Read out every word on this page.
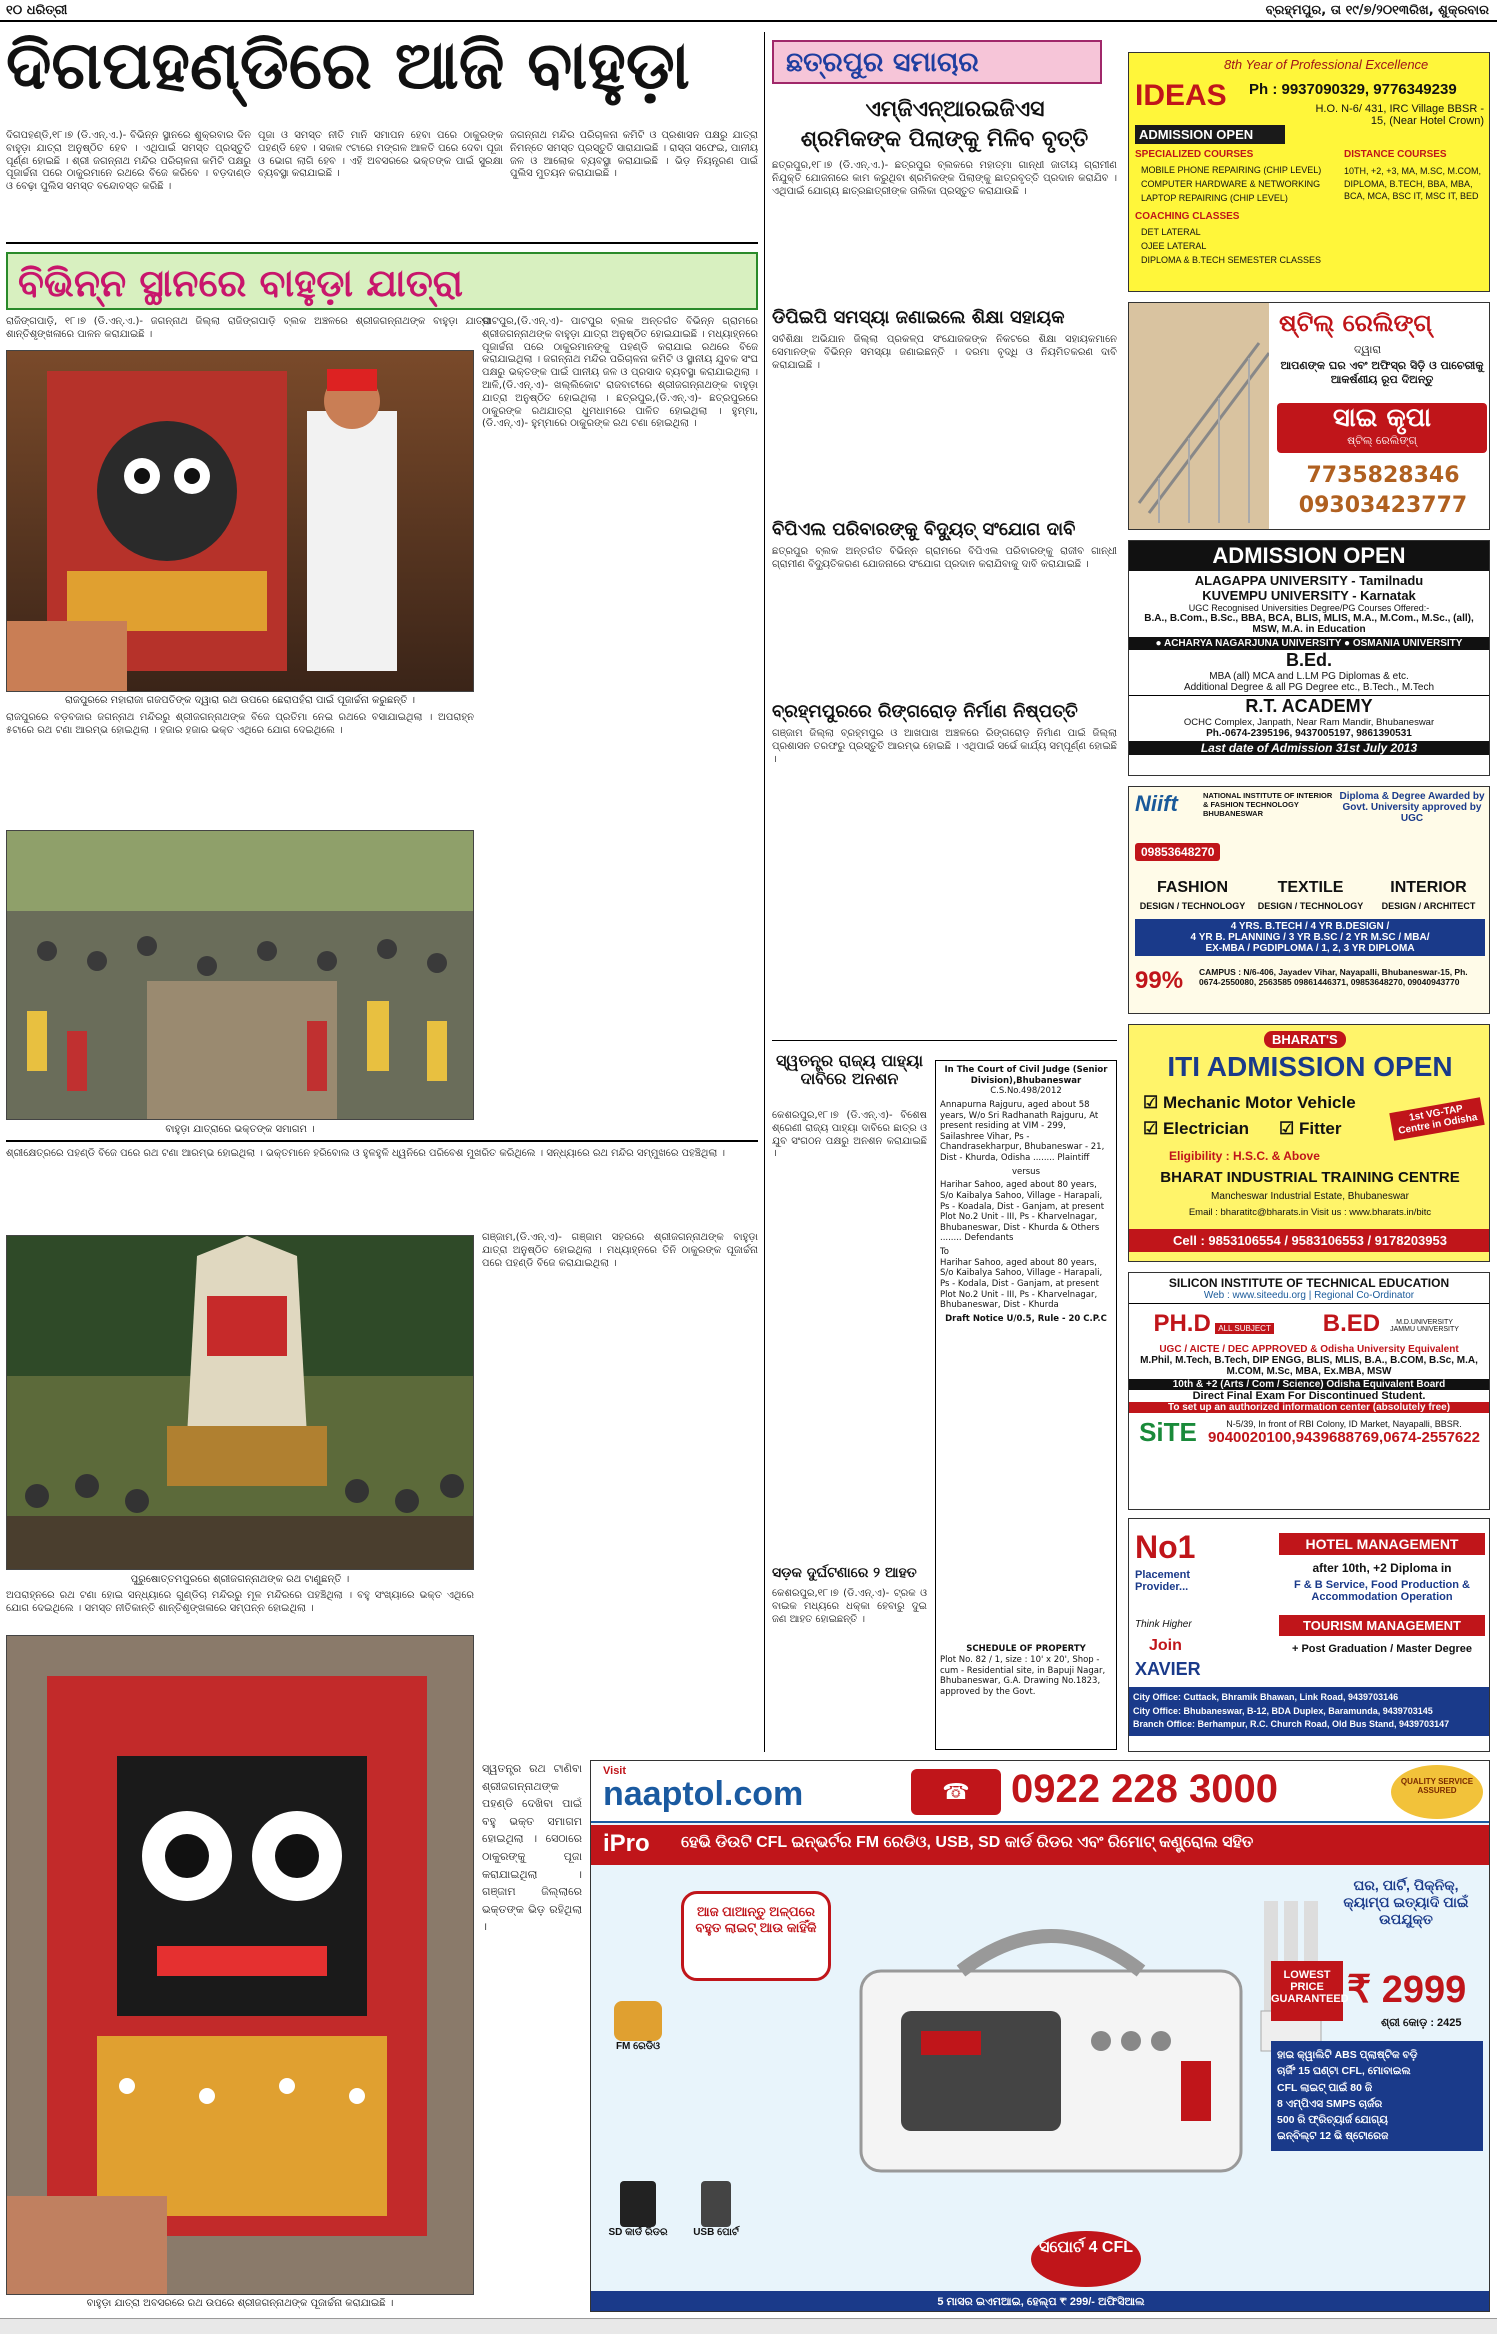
୧୦ ଧରିତ୍ରୀ	ବ୍ରହ୍ମପୁର, ତା ୧୯/୭/୨୦୧୩ରିଖ, ଶୁକ୍ରବାର
ଦିଗପହଣ୍ଡିରେ ଆଜି ବାହୁଡ଼ା
ଦିଗପହଣ୍ଡି,୧୮।୭ (ଡି.ଏନ୍.ଏ.)- ବିଭିନ୍ନ ସ୍ଥାନରେ ଶୁକ୍ରବାର ଦିନ ବାହୁଡ଼ା ଯାତ୍ରା ଅନୁଷ୍ଠିତ ହେବ । ଏଥିପାଇଁ ସମସ୍ତ ପ୍ରସ୍ତୁତି ପୂର୍ଣ୍ଣ ହୋଇଛି । ଶ୍ରୀ ଜଗନ୍ନାଥ ମନ୍ଦିର ପରିଚାଳନା କମିଟି ପକ୍ଷରୁ ପୂଜାର୍ଚ୍ଚନା ପରେ ଠାକୁରମାନେ ରଥରେ ବିଜେ କରିବେ । ବଡ଼ଦାଣ୍ଡ ଓ ବେଢ଼ା ପୁଲିସ ସମସ୍ତ ବନ୍ଦୋବସ୍ତ କରିଛି ।
ପୂଜା ଓ ସମସ୍ତ ନୀତି ମାନି ସମାପନ ହେବା ପରେ ଠାକୁରଙ୍କ ପହଣ୍ଡି ହେବ । ସକାଳ ୯ଟାରେ ମଙ୍ଗଳ ଆଳତି ପରେ ଦେବା ପୂଜା ଓ ଭୋଗ ଲାଗି ହେବ । ଏହି ଅବସରରେ ଭକ୍ତଙ୍କ ପାଇଁ ସୁରକ୍ଷା ବ୍ୟବସ୍ଥା କରାଯାଇଛି ।
ଜଗନ୍ନାଥ ମନ୍ଦିର ପରିଚାଳନା କମିଟି ଓ ପ୍ରଶାସନ ପକ୍ଷରୁ ଯାତ୍ରା ନିମନ୍ତେ ସମସ୍ତ ପ୍ରସ୍ତୁତି ସାରାଯାଇଛି । ରାସ୍ତା ସଫେଇ, ପାନୀୟ ଜଳ ଓ ଆଲୋକ ବ୍ୟବସ୍ଥା କରାଯାଇଛି । ଭିଡ଼ ନିୟନ୍ତ୍ରଣ ପାଇଁ ପୁଲିସ ମୁତୟନ କରାଯାଇଛି ।
ବିଭିନ୍ନ ସ୍ଥାନରେ ବାହୁଡ଼ା ଯାତ୍ରା
ରାଜିଙ୍ଗପାଡ଼ି, ୧୮।୭ (ଡି.ଏନ୍.ଏ.)- ଜଗନ୍ନାଥ ଜିଲ୍ଲା ରାଜିଙ୍ଗପାଡ଼ି ବ୍ଲକ ଅଞ୍ଚଳରେ ଶ୍ରୀଜଗନ୍ନାଥଙ୍କ ବାହୁଡ଼ା ଯାତ୍ରା ଶାନ୍ତିଶୃଙ୍ଖଳାରେ ପାଳନ କରାଯାଇଛି ।
ରାଜପୁରରେ ମହାରାଜା ଗଜପତିଙ୍କ ଦ୍ୱାରା ରଥ ଉପରେ ଛେରାପହଁରା ପାଇଁ ପୂଜାର୍ଚ୍ଚନା କରୁଛନ୍ତି ।
ରାଜପୁରରେ ବଡ଼ବଜାର ଜଗନ୍ନାଥ ମନ୍ଦିରରୁ ଶ୍ରୀଜଗନ୍ନାଥଙ୍କ ବିଜେ ପ୍ରତିମା ନେଇ ରଥରେ ବସାଯାଇଥିଲା । ଅପରାହ୍ନ ୫ଟାରେ ରଥ ଟଣା ଆରମ୍ଭ ହୋଇଥିଲା । ହଜାର ହଜାର ଭକ୍ତ ଏଥିରେ ଯୋଗ ଦେଇଥିଲେ ।
ବାହୁଡ଼ା ଯାତ୍ରାରେ ଭକ୍ତଙ୍କ ସମାଗମ ।
ଶ୍ରୀକ୍ଷେତ୍ରରେ ପହଣ୍ଡି ବିଜେ ପରେ ରଥ ଟଣା ଆରମ୍ଭ ହୋଇଥିଲା । ଭକ୍ତମାନେ ହରିବୋଲ ଓ ହୁଳହୁଳି ଧ୍ୱନିରେ ପରିବେଶ ମୁଖରିତ କରିଥିଲେ । ସନ୍ଧ୍ୟାରେ ରଥ ମନ୍ଦିର ସମ୍ମୁଖରେ ପହଞ୍ଚିଥିଲା ।
ପୁରୁଷୋତ୍ତମପୁରରେ ଶ୍ରୀଜଗନ୍ନାଥଙ୍କ ରଥ ଟାଣୁଛନ୍ତି ।
ଅପରାହ୍ନରେ ରଥ ଟଣା ହୋଇ ସନ୍ଧ୍ୟାରେ ଗୁଣ୍ଡିଚା ମନ୍ଦିରରୁ ମୂଳ ମନ୍ଦିରରେ ପହଞ୍ଚିଥିଲା । ବହୁ ସଂଖ୍ୟାରେ ଭକ୍ତ ଏଥିରେ ଯୋଗ ଦେଇଥିଲେ । ସମସ୍ତ ନୀତିକାନ୍ତି ଶାନ୍ତିଶୃଙ୍ଖଳାରେ ସମ୍ପନ୍ନ ହୋଇଥିଲା ।
ବାହୁଡ଼ା ଯାତ୍ରା ଅବସରରେ ରଥ ଉପରେ ଶ୍ରୀଜଗନ୍ନାଥଙ୍କ ପୂଜାର୍ଚ୍ଚନା କରାଯାଇଛି ।
ପାଟପୁର,(ଡି.ଏନ୍.ଏ)- ପାଟପୁର ବ୍ଲକ ଅନ୍ତର୍ଗତ ବିଭିନ୍ନ ଗ୍ରାମରେ ଶ୍ରୀଜଗନ୍ନାଥଙ୍କ ବାହୁଡ଼ା ଯାତ୍ରା ଅନୁଷ୍ଠିତ ହୋଇଯାଇଛି । ମଧ୍ୟାହ୍ନରେ ପୂଜାର୍ଚ୍ଚନା ପରେ ଠାକୁରମାନଙ୍କୁ ପହଣ୍ଡି କରାଯାଇ ରଥରେ ବିଜେ କରାଯାଇଥିଲା । ଜଗନ୍ନାଥ ମନ୍ଦିର ପରିଚାଳନା କମିଟି ଓ ସ୍ଥାନୀୟ ଯୁବକ ସଂଘ ପକ୍ଷରୁ ଭକ୍ତଙ୍କ ପାଇଁ ପାନୀୟ ଜଳ ଓ ପ୍ରସାଦ ବ୍ୟବସ୍ଥା କରାଯାଇଥିଲା । ଆଳି,(ଡି.ଏନ୍.ଏ)- ଖଲ୍ଲିକୋଟ ରାଜବାଟୀରେ ଶ୍ରୀଜଗନ୍ନାଥଙ୍କ ବାହୁଡ଼ା ଯାତ୍ରା ଅନୁଷ୍ଠିତ ହୋଇଥିଲା । ଛତ୍ରପୁର,(ଡି.ଏନ୍.ଏ)- ଛତ୍ରପୁରରେ ଠାକୁରଙ୍କ ରଥଯାତ୍ରା ଧୁମଧାମରେ ପାଳିତ ହୋଇଥିଲା । ହୁମ୍ମା,(ଡି.ଏନ୍.ଏ)- ହୁମ୍ମାରେ ଠାକୁରଙ୍କ ରଥ ଟଣା ହୋଇଥିଲା ।
ଗଞ୍ଜାମ,(ଡି.ଏନ୍.ଏ)- ଗଞ୍ଜାମ ସହରରେ ଶ୍ରୀଜଗନ୍ନାଥଙ୍କ ବାହୁଡ଼ା ଯାତ୍ରା ଅନୁଷ୍ଠିତ ହୋଇଥିଲା । ମଧ୍ୟାହ୍ନରେ ତିନି ଠାକୁରଙ୍କ ପୂଜାର୍ଚ୍ଚନା ପରେ ପହଣ୍ଡି ବିଜେ କରାଯାଇଥିଲା ।
ସ୍ୱତନ୍ତ୍ର ରଥ ଟାଣିବା ଶ୍ରୀଜଗନ୍ନାଥଙ୍କ ପହଣ୍ଡି ଦେଖିବା ପାଇଁ ବହୁ ଭକ୍ତ ସମାଗମ ହୋଇଥିଲା । ସେଠାରେ ଠାକୁରଙ୍କୁ ପୂଜା କରାଯାଇଥିଲା । ଗଞ୍ଜାମ ଜିଲ୍ଲାରେ ଭକ୍ତଙ୍କ ଭିଡ଼ ରହିଥିଲା ।
ଛତ୍ରପୁର ସମାଚାର
ଏମ୍‌ଜିଏନ୍‌ଆରଇଜିଏସ
ଶ୍ରମିକଙ୍କ ପିଲାଙ୍କୁ ମିଳିବ ବୃତ୍ତି
ଛତ୍ରପୁର,୧୮।୭ (ଡି.ଏନ୍.ଏ.)- ଛତ୍ରପୁର ବ୍ଲକରେ ମହାତ୍ମା ଗାନ୍ଧୀ ଜାତୀୟ ଗ୍ରାମୀଣ ନିଯୁକ୍ତି ଯୋଜନାରେ କାମ କରୁଥିବା ଶ୍ରମିକଙ୍କ ପିଲାଙ୍କୁ ଛାତ୍ରବୃତ୍ତି ପ୍ରଦାନ କରାଯିବ । ଏଥିପାଇଁ ଯୋଗ୍ୟ ଛାତ୍ରଛାତ୍ରୀଙ୍କ ତାଲିକା ପ୍ରସ୍ତୁତ କରାଯାଉଛି ।
ଡିପିଇପି ସମସ୍ୟା ଜଣାଇଲେ ଶିକ୍ଷା ସହାୟକ
ସର୍ବଶିକ୍ଷା ଅଭିଯାନ ଜିଲ୍ଲା ପ୍ରକଳ୍ପ ସଂଯୋଜକଙ୍କ ନିକଟରେ ଶିକ୍ଷା ସହାୟକମାନେ ସେମାନଙ୍କ ବିଭିନ୍ନ ସମସ୍ୟା ଜଣାଇଛନ୍ତି । ଦରମା ବୃଦ୍ଧି ଓ ନିୟମିତକରଣ ଦାବି କରାଯାଇଛି ।
ବିପିଏଲ ପରିବାରଙ୍କୁ ବିଦ୍ୟୁତ୍ ସଂଯୋଗ ଦାବି
ଛତ୍ରପୁର ବ୍ଲକ ଅନ୍ତର୍ଗତ ବିଭିନ୍ନ ଗ୍ରାମରେ ବିପିଏଲ ପରିବାରଙ୍କୁ ରାଜୀବ ଗାନ୍ଧୀ ଗ୍ରାମୀଣ ବିଦ୍ୟୁତିକରଣ ଯୋଜନାରେ ସଂଯୋଗ ପ୍ରଦାନ କରାଯିବାକୁ ଦାବି କରାଯାଇଛି ।
ବ୍ରହ୍ମପୁରରେ ରିଙ୍ଗରୋଡ଼ ନିର୍ମାଣ ନିଷ୍ପତ୍ତି
ଗଞ୍ଜାମ ଜିଲ୍ଲା ବ୍ରହ୍ମପୁର ଓ ଆଖପାଖ ଅଞ୍ଚଳରେ ରିଙ୍ଗରୋଡ଼ ନିର୍ମାଣ ପାଇଁ ଜିଲ୍ଲା ପ୍ରଶାସନ ତରଫରୁ ପ୍ରସ୍ତୁତି ଆରମ୍ଭ ହୋଇଛି । ଏଥିପାଇଁ ସର୍ଭେ କାର୍ଯ୍ୟ ସମ୍ପୂର୍ଣ୍ଣ ହୋଇଛି ।
ସ୍ୱତନ୍ତ୍ର ରାଜ୍ୟ ପାହ୍ୟା ଦାବିରେ ଅନଶନ
କେଶରପୁର,୧୮।୭ (ଡି.ଏନ୍.ଏ)- ବିଶେଷ ଶ୍ରେଣୀ ରାଜ୍ୟ ପାହ୍ୟା ଦାବିରେ ଛାତ୍ର ଓ ଯୁବ ସଂଗଠନ ପକ୍ଷରୁ ଅନଶନ କରାଯାଇଛି ।
ସଡ଼କ ଦୁର୍ଘଟଣାରେ ୨ ଆହତ
କେଶରପୁର,୧୮।୭ (ଡି.ଏନ୍.ଏ)- ଟ୍ରକ ଓ ବାଇକ ମଧ୍ୟରେ ଧକ୍କା ହେବାରୁ ଦୁଇ ଜଣ ଆହତ ହୋଇଛନ୍ତି ।
In The Court of Civil Judge (Senior Division),Bhubaneswar
C.S.No.498/2012
Annapurna Rajguru, aged about 58 years, W/o Sri Radhanath Rajguru, At present residing at VIM - 299, Sailashree Vihar, Ps - Chandrasekharpur, Bhubaneswar - 21, Dist - Khurda, Odisha ........ Plaintiff
versus
Harihar Sahoo, aged about 80 years, S/o Kaibalya Sahoo, Village - Harapali, Ps - Koadala, Dist - Ganjam, at present Plot No.2 Unit - III, Ps - Kharvelnagar, Bhubaneswar, Dist - Khurda & Others ........ Defendants
To
Harihar Sahoo, aged about 80 years, S/o Kaibalya Sahoo, Village - Harapali, Ps - Kodala, Dist - Ganjam, at present Plot No.2 Unit - III, Ps - Kharvelnagar, Bhubaneswar, Dist - Khurda
Draft Notice U/0.5, Rule - 20 C.P.C
SCHEDULE OF PROPERTY
Plot No. 82 / 1, size : 10' x 20', Shop - cum - Residential site, in Bapuji Nagar, Bhubaneswar, G.A. Drawing No.1823, approved by the Govt.
8th Year of Professional Excellence
IDEAS Ph : 9937090329, 9776349239
H.O. N-6/ 431, IRC Village BBSR - 15, (Near Hotel Crown)
ADMISSION OPEN
SPECIALIZED COURSES
MOBILE PHONE REPAIRING (CHIP LEVEL)
COMPUTER HARDWARE & NETWORKING
LAPTOP REPAIRING (CHIP LEVEL)
COACHING CLASSES
DET LATERAL
OJEE LATERAL
DIPLOMA & B.TECH SEMESTER CLASSES
DISTANCE COURSES
10TH, +2, +3, MA, M.SC, M.COM, DIPLOMA, B.TECH, BBA, MBA, BCA, MCA, BSC IT, MSC IT, BED
ଷ୍ଟିଲ୍ ରେଲିଙ୍ଗ୍
ଦ୍ୱାରା
ଆପଣଙ୍କ ଘର ଏବଂ ଅଫିସ୍‌ର ସିଡ଼ି ଓ ପାଚେରୀକୁ ଆକର୍ଷଣୀୟ ରୂପ ଦିଅନ୍ତୁ
ସାଇ କୃପା
ଷ୍ଟିଲ୍ ରେଲିଙ୍ଗ୍
7735828346
09303423777
ADMISSION OPEN
ALAGAPPA UNIVERSITY - Tamilnadu
KUVEMPU UNIVERSITY - Karnatak
UGC Recognised Universities Degree/PG Courses Offered:-
B.A., B.Com., B.Sc., BBA, BCA, BLIS, MLIS, M.A., M.Com., M.Sc., (all), MSW, M.A. in Education
● ACHARYA NAGARJUNA UNIVERSITY ● OSMANIA UNIVERSITY
B.Ed.
MBA (all) MCA and L.LM PG Diplomas & etc.
Additional Degree & all PG Degree etc., B.Tech., M.Tech
R.T. ACADEMY
OCHC Complex, Janpath, Near Ram Mandir, Bhubaneswar
Ph.-0674-2395196, 9437005197, 9861390531
Last date of Admission 31st July 2013
Niift	NATIONAL INSTITUTE OF INTERIOR & FASHION TECHNOLOGY BHUBANESWAR
Diploma & Degree Awarded by Govt. University approved by UGC
09853648270
FASHION	TEXTILE	INTERIOR
DESIGN / TECHNOLOGY	DESIGN / TECHNOLOGY	DESIGN / ARCHITECT
4 YRS. B.TECH / 4 YR B.DESIGN /
4 YR B. PLANNING / 3 YR B.SC / 2 YR M.SC / MBA/
EX-MBA / PGDIPLOMA / 1, 2, 3 YR DIPLOMA
99% CAMPUS : N/6-406, Jayadev Vihar, Nayapalli, Bhubaneswar-15, Ph. 0674-2550080, 2563585 09861446371, 09853648270, 09040943770
BHARAT'S
ITI ADMISSION OPEN
☑ Mechanic Motor Vehicle
☑ Electrician ☑ Fitter
1st VG-TAP Centre in Odisha
Eligibility : H.S.C. & Above
BHARAT INDUSTRIAL TRAINING CENTRE
Mancheswar Industrial Estate, Bhubaneswar
Email : bharatitc@bharats.in Visit us : www.bharats.in/bitc
Cell : 9853106554 / 9583106553 / 9178203953
SILICON INSTITUTE OF TECHNICAL EDUCATION
Web : www.siteedu.org | Regional Co-Ordinator
PH.D ALL SUBJECT B.ED M.D.UNIVERSITY JAMMU UNIVERSITY
UGC / AICTE / DEC APPROVED & Odisha University Equivalent
M.Phil, M.Tech, B.Tech, DIP ENGG, BLIS, MLIS, B.A., B.COM, B.Sc, M.A, M.COM, M.Sc, MBA, Ex.MBA, MSW
10th & +2 (Arts / Com / Science) Odisha Equivalent Board
Direct Final Exam For Discontinued Student.
To set up an authorized information center (absolutely free)
SiTE	N-5/39, In front of RBI Colony, ID Market, Nayapalli, BBSR.
9040020100,9439688769,0674-2557622
No1
Placement Provider...
Think Higher
Join
XAVIER
HOTEL MANAGEMENT
after 10th, +2 Diploma in
F & B Service, Food Production & Accommodation Operation
TOURISM MANAGEMENT
+ Post Graduation / Master Degree
City Office: Cuttack, Bhramik Bhawan, Link Road, 9439703146
City Office: Bhubaneswar, B-12, BDA Duplex, Baramunda, 9439703145
Branch Office: Berhampur, R.C. Church Road, Old Bus Stand, 9439703147
Visit
naaptol.com	☎	0922 228 3000	QUALITY SERVICE ASSURED
iPro ହେଭି ଡିଉଟି CFL ଇନ୍‌ଭର୍ଟର FM ରେଡିଓ, USB, SD କାର୍ଡ ରିଡର ଏବଂ ରିମୋଟ୍ କଣ୍ଟ୍ରୋଲ ସହିତ
ଆଜ ପାଆନ୍ତୁ ଅଳ୍ପରେ ବହୁତ ଲାଇଟ୍ ଆଉ କାହିଁକି
ଘର, ପାର୍ଟି, ପିକ୍‌ନିକ୍, କ୍ୟାମ୍ପ ଇତ୍ୟାଦି ପାଇଁ ଉପଯୁକ୍ତ
LOWEST PRICE GUARANTEED
₹ 2999
ଶ୍ରୀ କୋଡ଼ : 2425
ହାଇ କ୍ୱାଲିଟି ABS ପ୍ଲାଷ୍ଟିକ ବଡ଼ି
ଚାର୍ଜିଂ 15 ଘଣ୍ଟା CFL, ମୋବାଇଲ
CFL ଲାଇଟ୍ ପାଇଁ 80 ଜି
8 ଏମ୍‌ପିଏସ SMPS ଚାର୍ଜର
500 ରି ଫ୍ରିଚ୍ୟାର୍ଜ ଯୋଗ୍ୟ
ଇନ୍‌ବିଲ୍ଟ 12 ଭି ଷ୍ଟୋରେଜ
FM ରେଡିଓ
USB ପୋର୍ଟ
SD କାର୍ଡ ରିଡର
ସପୋର୍ଟ 4 CFL
5 ମାସର ଇଏମଆଇ, ହେଲ୍ପ ₹ 299/- ଅଫିସିଆଲ
